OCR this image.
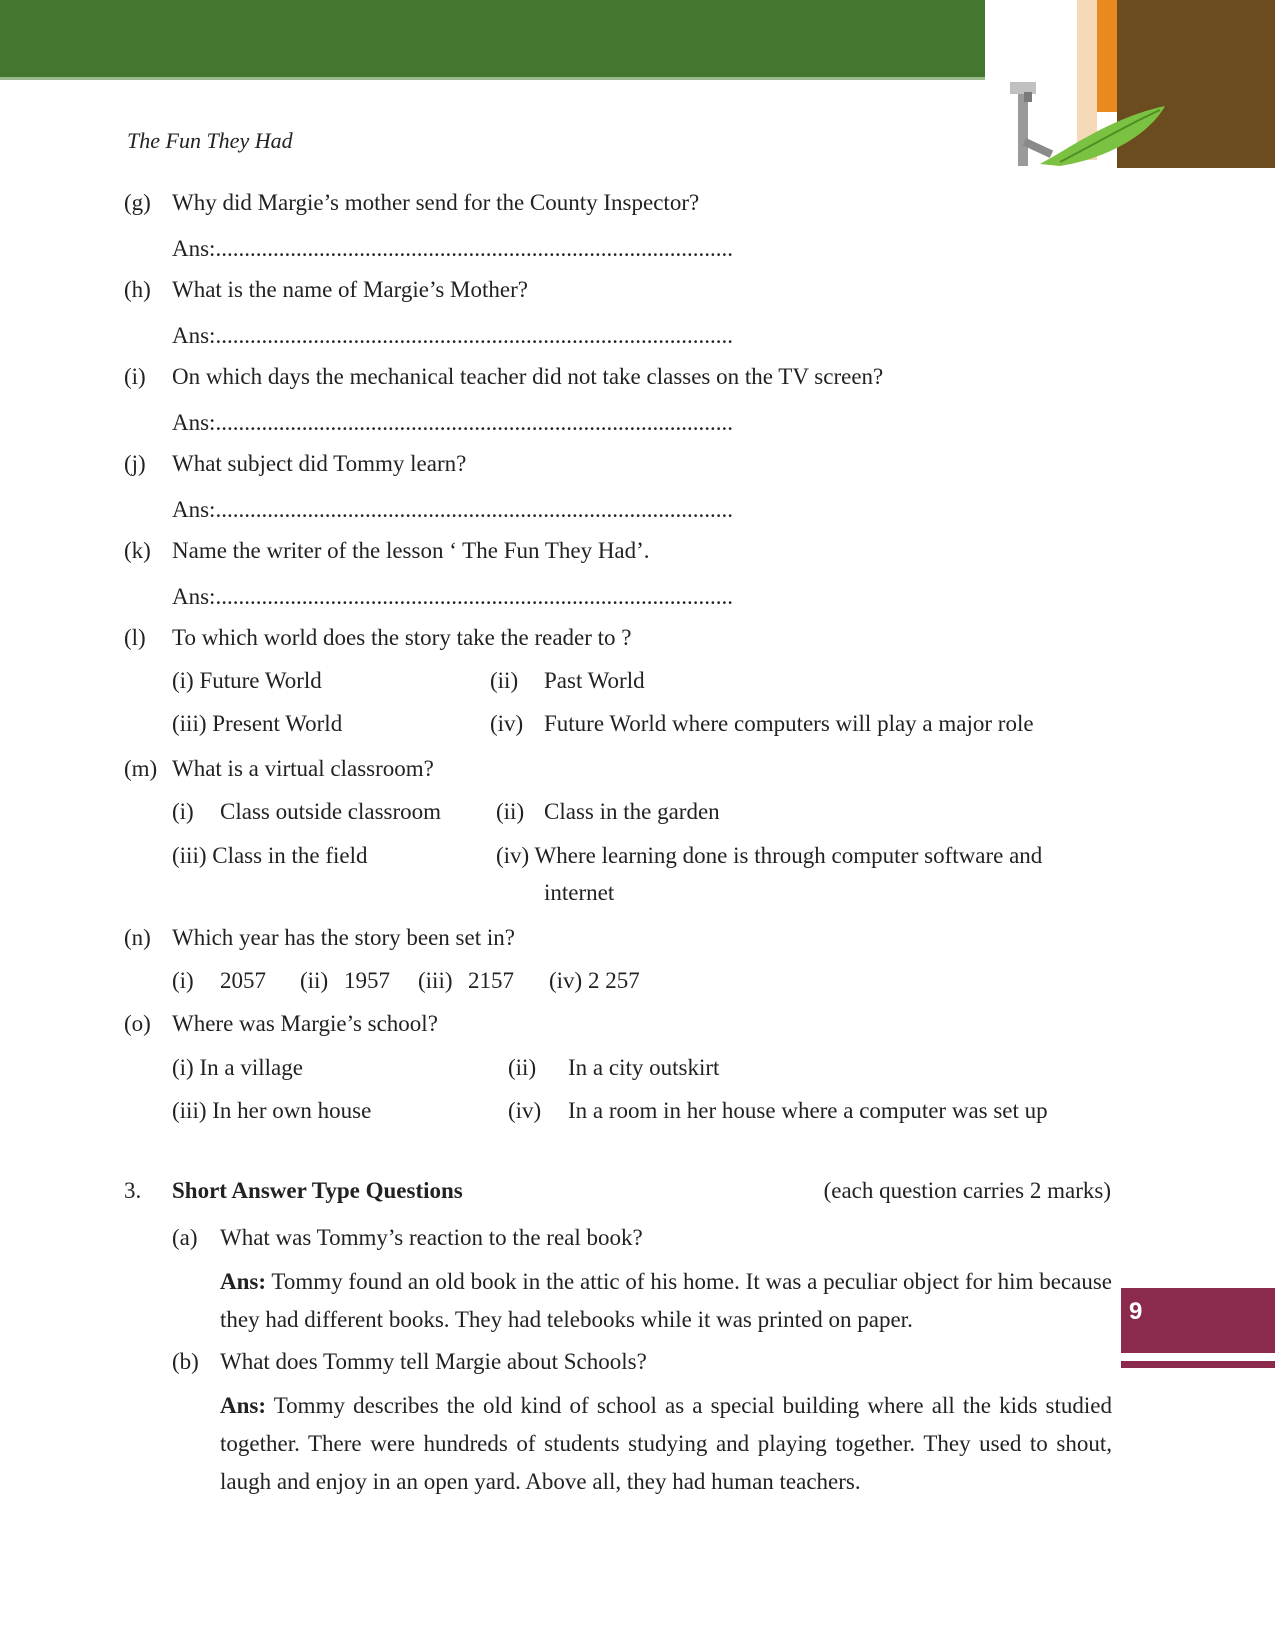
The Fun They Had
(g) Why did Margie’s mother send for the County Inspector?
Ans:..........................................................................................
(h) What is the name of Margie’s Mother?
Ans:..........................................................................................
(i) On which days the mechanical teacher did not take classes on the TV screen?
Ans:..........................................................................................
(j) What subject did Tommy learn?
Ans:..........................................................................................
(k) Name the writer of the lesson ‘ The Fun They Had’.
Ans:..........................................................................................
(l) To which world does the story take the reader to ?
(i) Future World	(ii) Past World
(iii) Present World	(iv) Future World where computers will play a major role
(m) What is a virtual classroom?
(i) Class outside classroom (ii) Class in the garden
(iii) Class in the field	(iv) Where learning done is through computer software and
internet
(n) Which year has the story been set in?
(i) 2057 (ii) 1957 (iii) 2157 (iv) 2 257
(o) Where was Margie’s school?
(i) In a village	(ii) In a city outskirt
(iii) In her own house	(iv) In a room in her house where a computer was set up
3. Short Answer Type Questions	(each question carries 2 marks)
(a) What was Tommy’s reaction to the real book?
Ans: Tommy found an old book in the attic of his home. It was a peculiar object for him because they had different books. They had telebooks while it was printed on paper.
(b) What does Tommy tell Margie about Schools?
Ans: Tommy describes the old kind of school as a special building where all the kids studied together. There were hundreds of students studying and playing together. They used to shout, laugh and enjoy in an open yard. Above all, they had human teachers.
9
